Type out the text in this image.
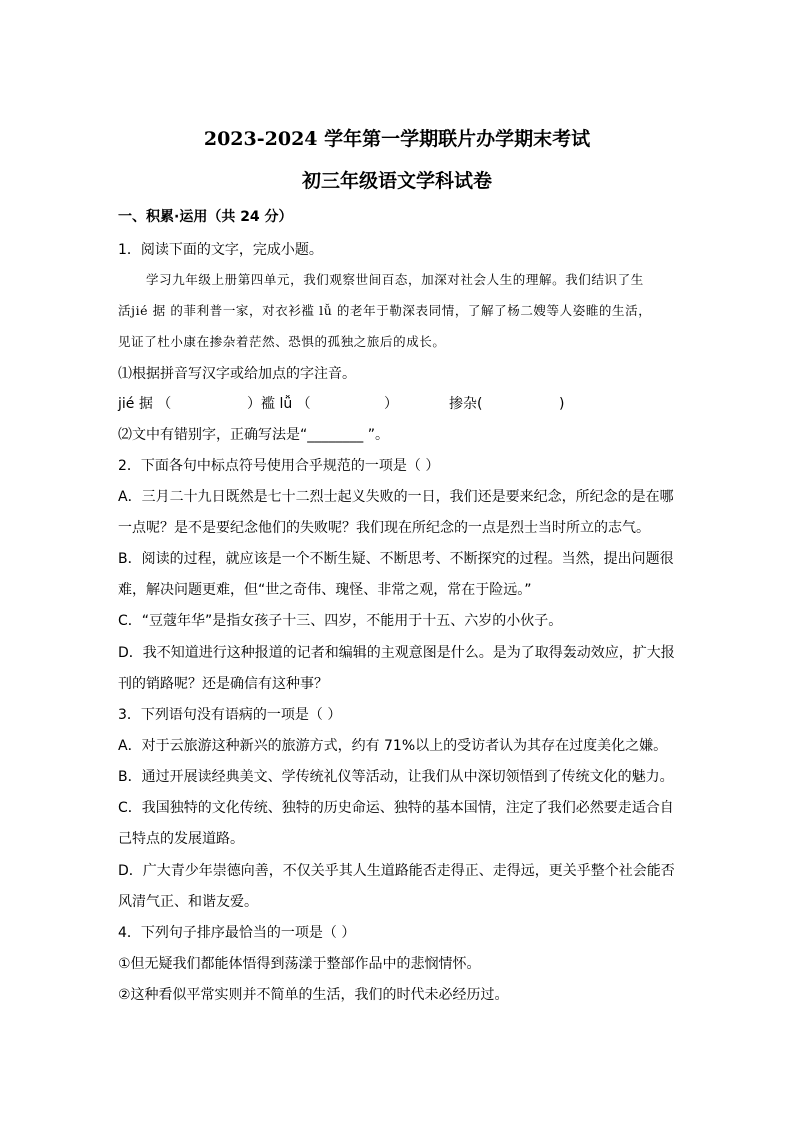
2023-2024 学年第一学期联片办学期末考试
初三年级语文学科试卷
一、积累·运用（共 24 分）
1．阅读下面的文字，完成小题。
学习九年级上册第四单元，我们观察世间百态，加深对社会人生的理解。我们结识了生
活jié 据 的菲利普一家，对衣衫褴 lǚ 的老年于勒深表同情，了解了杨二嫂等人姿睢的生活，
见证了杜小康在掺杂着茫然、恐惧的孤独之旅后的成长。
⑴根据拼音写汉字或给加点的字注音。
jié 据 （	）褴 lǚ （	）	掺杂(	)
⑵文中有错别字，正确写法是“________ ”。
2．下面各句中标点符号使用合乎规范的一项是（ ）
A．三月二十九日既然是七十二烈士起义失败的一日，我们还是要来纪念，所纪念的是在哪
一点呢？是不是要纪念他们的失败呢？我们现在所纪念的一点是烈士当时所立的志气。
B．阅读的过程，就应该是一个不断生疑、不断思考、不断探究的过程。当然，提出问题很
难，解决问题更难，但“世之奇伟、瑰怪、非常之观，常在于险远。”
C．“豆蔻年华”是指女孩子十三、四岁，不能用于十五、六岁的小伙子。
D．我不知道进行这种报道的记者和编辑的主观意图是什么。是为了取得轰动效应，扩大报
刊的销路呢？还是确信有这种事？
3．下列语句没有语病的一项是（ ）
A．对于云旅游这种新兴的旅游方式，约有 71%以上的受访者认为其存在过度美化之嫌。
B．通过开展读经典美文、学传统礼仪等活动，让我们从中深切领悟到了传统文化的魅力。
C．我国独特的文化传统、独特的历史命运、独特的基本国情，注定了我们必然要走适合自
己特点的发展道路。
D．广大青少年崇德向善，不仅关乎其人生道路能否走得正、走得远，更关乎整个社会能否
风清气正、和谐友爱。
4．下列句子排序最恰当的一项是（ ）
①但无疑我们都能体悟得到荡漾于整部作品中的悲悯情怀。
②这种看似平常实则并不简单的生活，我们的时代未必经历过。
